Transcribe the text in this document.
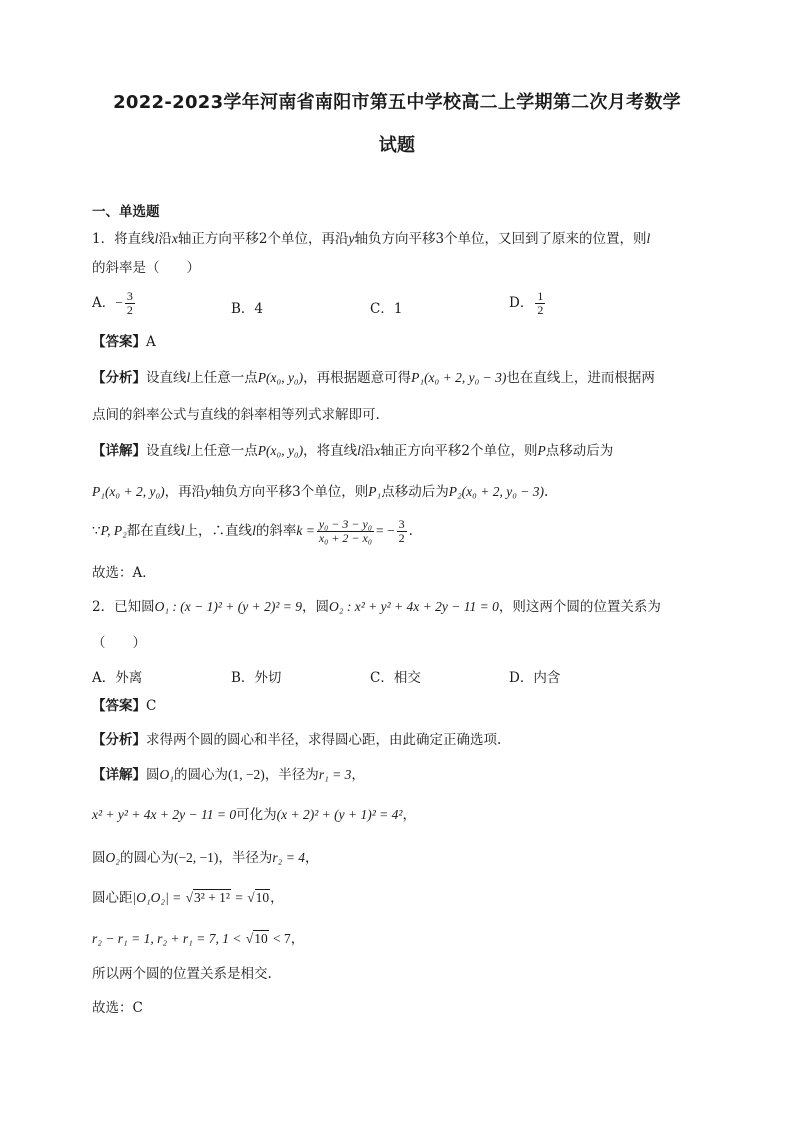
2022-2023学年河南省南阳市第五中学校高二上学期第二次月考数学
试题
一、单选题
1．将直线l沿x轴正方向平移2个单位，再沿y轴负方向平移3个单位，又回到了原来的位置，则l
的斜率是（　　）
A．− $\frac{3}{2}$	B．4	C．1	D． $\frac{1}{2}$
【答案】A
【分析】设直线l上任意一点P(x₀, y₀)，再根据题意可得P₁(x₀ + 2, y₀ − 3)也在直线上，进而根据两
点间的斜率公式与直线的斜率相等列式求解即可.
【详解】设直线l上任意一点P(x₀, y₀)，将直线l沿x轴正方向平移2个单位，则P点移动后为
P₁(x₀ + 2, y₀)，再沿y轴负方向平移3个单位，则P₁点移动后为P₂(x₀ + 2, y₀ − 3).
∵P, P₂都在直线l上，∴直线l的斜率$k = \frac{\text{y₀ − 3 − y₀}}{\text{x₀ + 2 − x₀}}$ = − $\frac{3}{2}$ .
故选：A．
2．已知圆O₁ : (x − 1)² + (y + 2)² = 9，圆O₂ : x² + y² + 4x + 2y − 11 = 0，则这两个圆的位置关系为
（　　）
A．外离	B．外切	C．相交	D．内含
【答案】C
【分析】求得两个圆的圆心和半径，求得圆心距，由此确定正确选项.
【详解】圆O₁的圆心为(1, −2)，半径为r₁ = 3，
x² + y² + 4x + 2y − 11 = 0可化为(x + 2)² + (y + 1)² = 4²，
圆O₂的圆心为(−2, −1)，半径为r₂ = 4，
圆心距|O₁O₂| = √3² + 1² = √10，
r₂ − r₁ = 1, r₂ + r₁ = 7, 1 < √10 < 7，
所以两个圆的位置关系是相交.
故选：C
